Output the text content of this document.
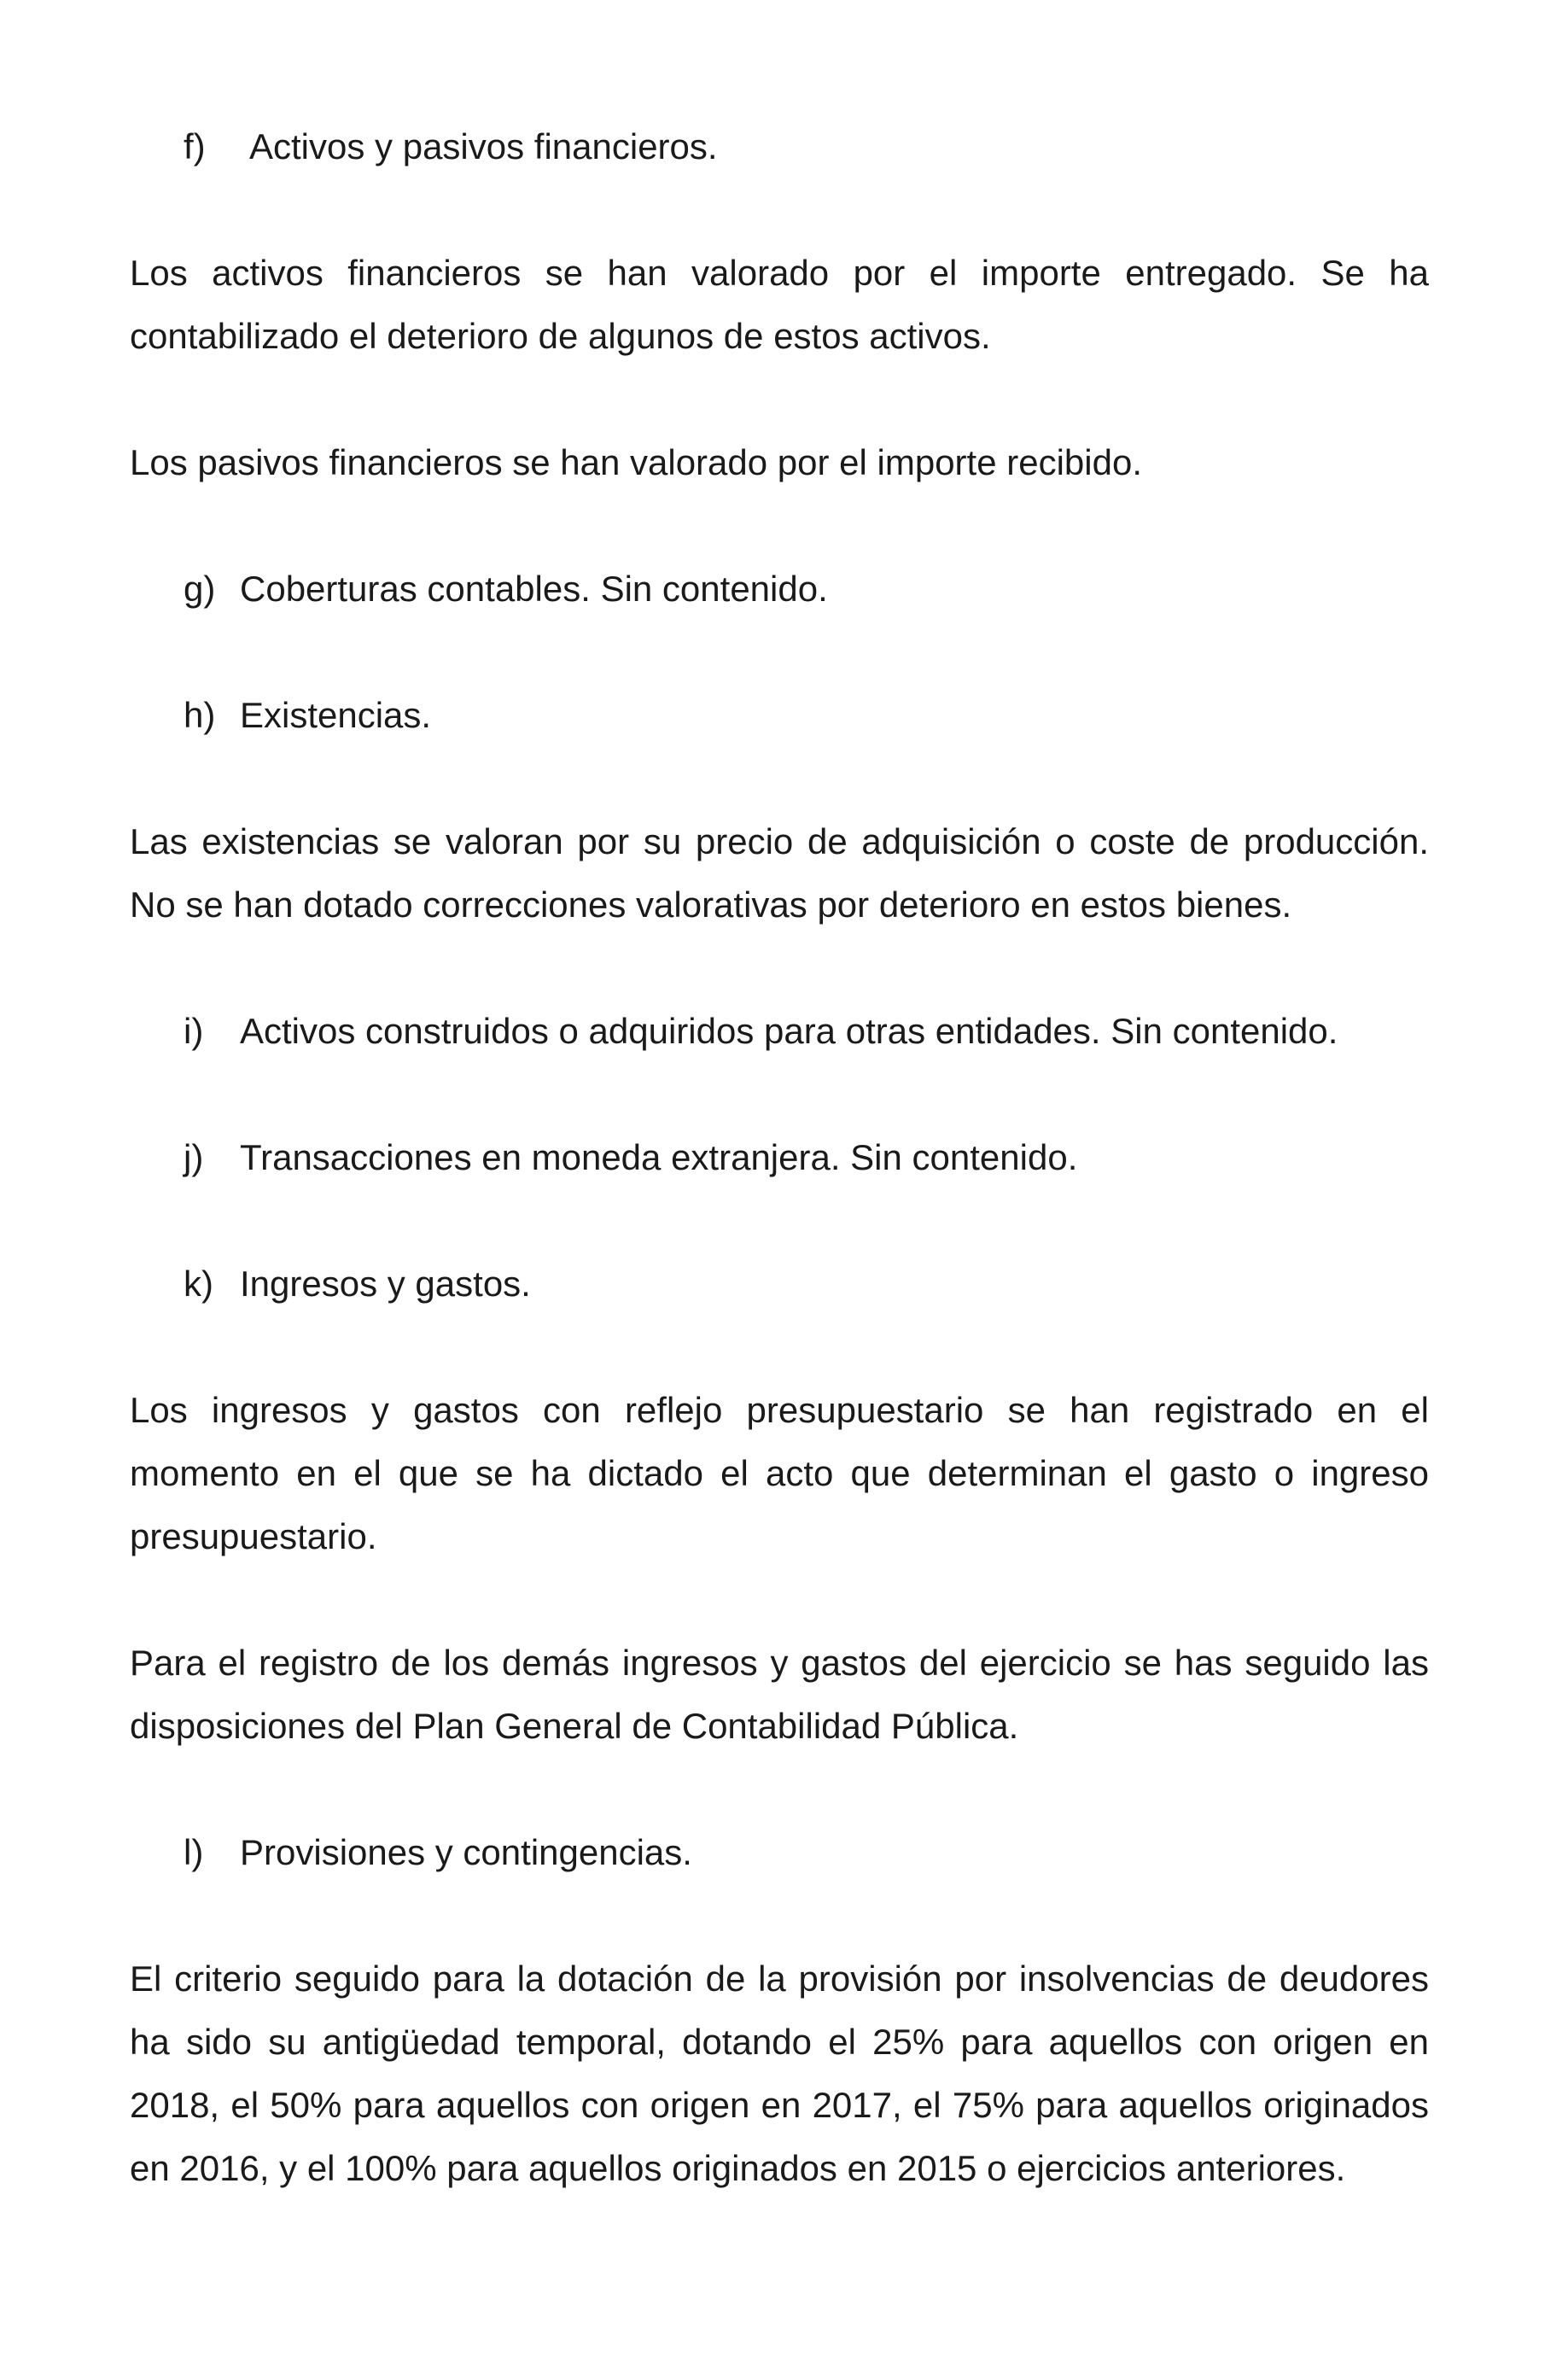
f) Activos y pasivos financieros.
Los activos financieros se han valorado por el importe entregado. Se ha
contabilizado el deterioro de algunos de estos activos.
Los pasivos financieros se han valorado por el importe recibido.
g) Coberturas contables. Sin contenido.
h) Existencias.
Las existencias se valoran por su precio de adquisición o coste de producción.
No se han dotado correcciones valorativas por deterioro en estos bienes.
i) Activos construidos o adquiridos para otras entidades. Sin contenido.
j) Transacciones en moneda extranjera. Sin contenido.
k) Ingresos y gastos.
Los ingresos y gastos con reflejo presupuestario se han registrado en el
momento en el que se ha dictado el acto que determinan el gasto o ingreso
presupuestario.
Para el registro de los demás ingresos y gastos del ejercicio se has seguido las
disposiciones del Plan General de Contabilidad Pública.
l) Provisiones y contingencias.
El criterio seguido para la dotación de la provisión por insolvencias de deudores
ha sido su antigüedad temporal, dotando el 25% para aquellos con origen en
2018, el 50% para aquellos con origen en 2017, el 75% para aquellos originados
en 2016, y el 100% para aquellos originados en 2015 o ejercicios anteriores.
